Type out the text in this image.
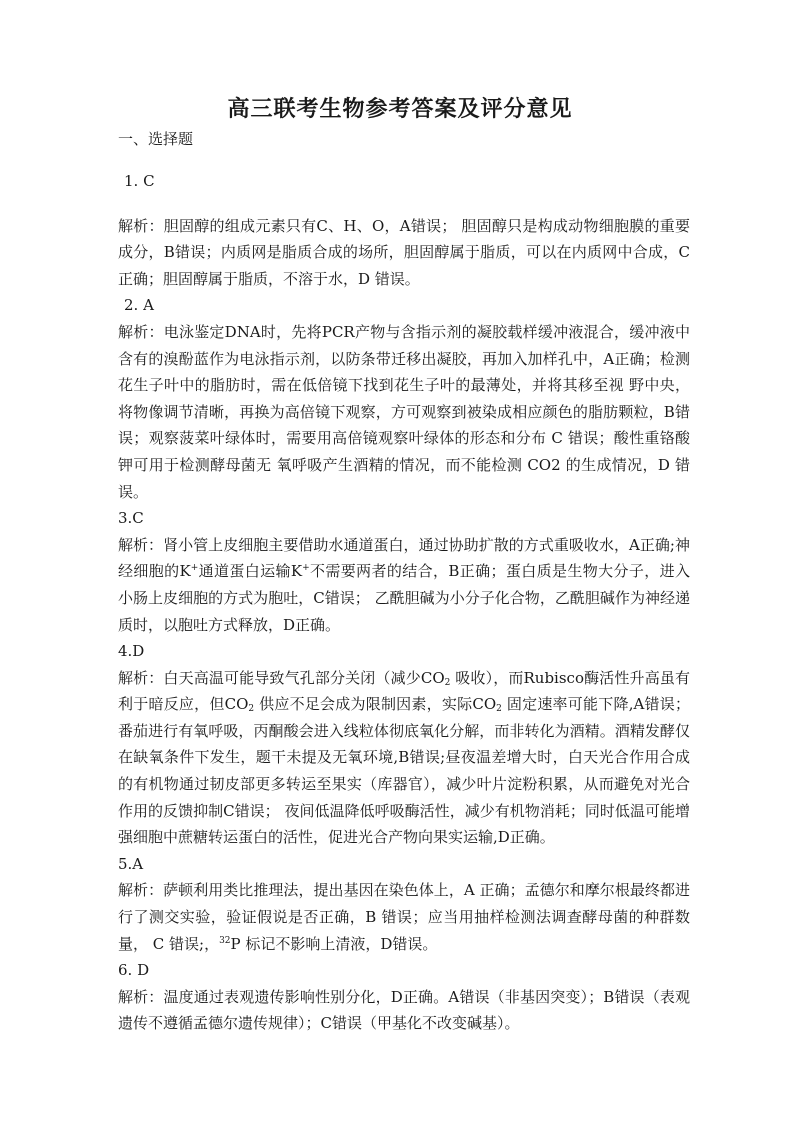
高三联考生物参考答案及评分意见
一、选择题
1. C
解析：胆固醇的组成元素只有C、H、O，A错误； 胆固醇只是构成动物细胞膜的重要成分，B错误；内质网是脂质合成的场所，胆固醇属于脂质，可以在内质网中合成，C正确；胆固醇属于脂质，不溶于水，D 错误。
2. A
解析：电泳鉴定DNA时，先将PCR产物与含指示剂的凝胶载样缓冲液混合，缓冲液中含有的溴酚蓝作为电泳指示剂，以防条带迁移出凝胶，再加入加样孔中，A正确；检测花生子叶中的脂肪时，需在低倍镜下找到花生子叶的最薄处，并将其移至视 野中央，将物像调节清晰，再换为高倍镜下观察，方可观察到被染成相应颜色的脂肪颗粒，B错误；观察菠菜叶绿体时，需要用高倍镜观察叶绿体的形态和分布 C 错误；酸性重铬酸钾可用于检测酵母菌无 氧呼吸产生酒精的情况，而不能检测 CO2 的生成情况，D 错误。
3.C
解析：肾小管上皮细胞主要借助水通道蛋白，通过协助扩散的方式重吸收水，A正确;神经细胞的K+通道蛋白运输K+不需要两者的结合，B正确；蛋白质是生物大分子，进入小肠上皮细胞的方式为胞吐，C错误； 乙酰胆碱为小分子化合物，乙酰胆碱作为神经递质时，以胞吐方式释放，D正确。
4.D
解析：白天高温可能导致气孔部分关闭（减少$CO_2$ 吸收），而Rubisco酶活性升高虽有利于暗反应，但$CO_2$ 供应不足会成为限制因素，实际$CO_2$ 固定速率可能下降,A错误；番茄进行有氧呼吸，丙酮酸会进入线粒体彻底氧化分解，而非转化为酒精。酒精发酵仅在缺氧条件下发生，题干未提及无氧环境,B错误;昼夜温差增大时，白天光合作用合成的有机物通过韧皮部更多转运至果实（库器官），减少叶片淀粉积累，从而避免对光合作用的反馈抑制C错误； 夜间低温降低呼吸酶活性，减少有机物消耗；同时低温可能增强细胞中蔗糖转运蛋白的活性，促进光合产物向果实运输,D正确。
5.A
解析：萨顿利用类比推理法，提出基因在染色体上，A 正确；孟德尔和摩尔根最终都进行了测交实验，验证假说是否正确，B 错误；应当用抽样检测法调查酵母菌的种群数量， C 错误;，$^{32}$P 标记不影响上清液，D错误。
6. D
解析：温度通过表观遗传影响性别分化，D正确。A错误（非基因突变）；B错误（表观遗传不遵循孟德尔遗传规律）；C错误（甲基化不改变碱基）。
